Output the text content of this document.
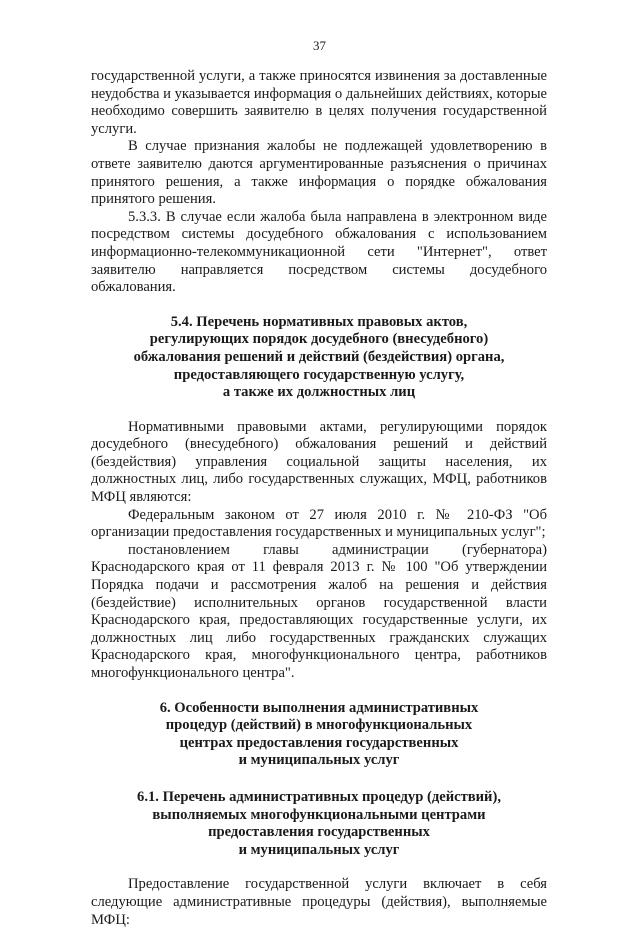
37

государственной услуги, а также приносятся извинения за доставленные неудобства и указывается информация о дальнейших действиях, которые необходимо совершить заявителю в целях получения государственной услуги.

В случае признания жалобы не подлежащей удовлетворению в ответе заявителю даются аргументированные разъяснения о причинах принятого решения, а также информация о порядке обжалования принятого решения.

5.3.3. В случае если жалоба была направлена в электронном виде посредством системы досудебного обжалования с использованием информационно-телекоммуникационной сети "Интернет", ответ заявителю направляется посредством системы досудебного обжалования.

5.4. Перечень нормативных правовых актов,
регулирующих порядок досудебного (внесудебного)
обжалования решений и действий (бездействия) органа,
предоставляющего государственную услугу,
а также их должностных лиц

Нормативными правовыми актами, регулирующими порядок досудебного (внесудебного) обжалования решений и действий (бездействия) управления социальной защиты населения, их должностных лиц, либо государственных служащих, МФЦ, работников МФЦ являются:

Федеральным законом от 27 июля 2010 г. № 210-ФЗ "Об организации предоставления государственных и муниципальных услуг";

постановлением главы администрации (губернатора) Краснодарского края от 11 февраля 2013 г. № 100 "Об утверждении Порядка подачи и рассмотрения жалоб на решения и действия (бездействие) исполнительных органов государственной власти Краснодарского края, предоставляющих государственные услуги, их должностных лиц либо государственных гражданских служащих Краснодарского края, многофункционального центра, работников многофункционального центра".

6. Особенности выполнения административных
процедур (действий) в многофункциональных
центрах предоставления государственных
и муниципальных услуг
6.1. Перечень административных процедур (действий),
выполняемых многофункциональными центрами
предоставления государственных
и муниципальных услуг

Предоставление государственной услуги включает в себя следующие административные процедуры (действия), выполняемые МФЦ:
